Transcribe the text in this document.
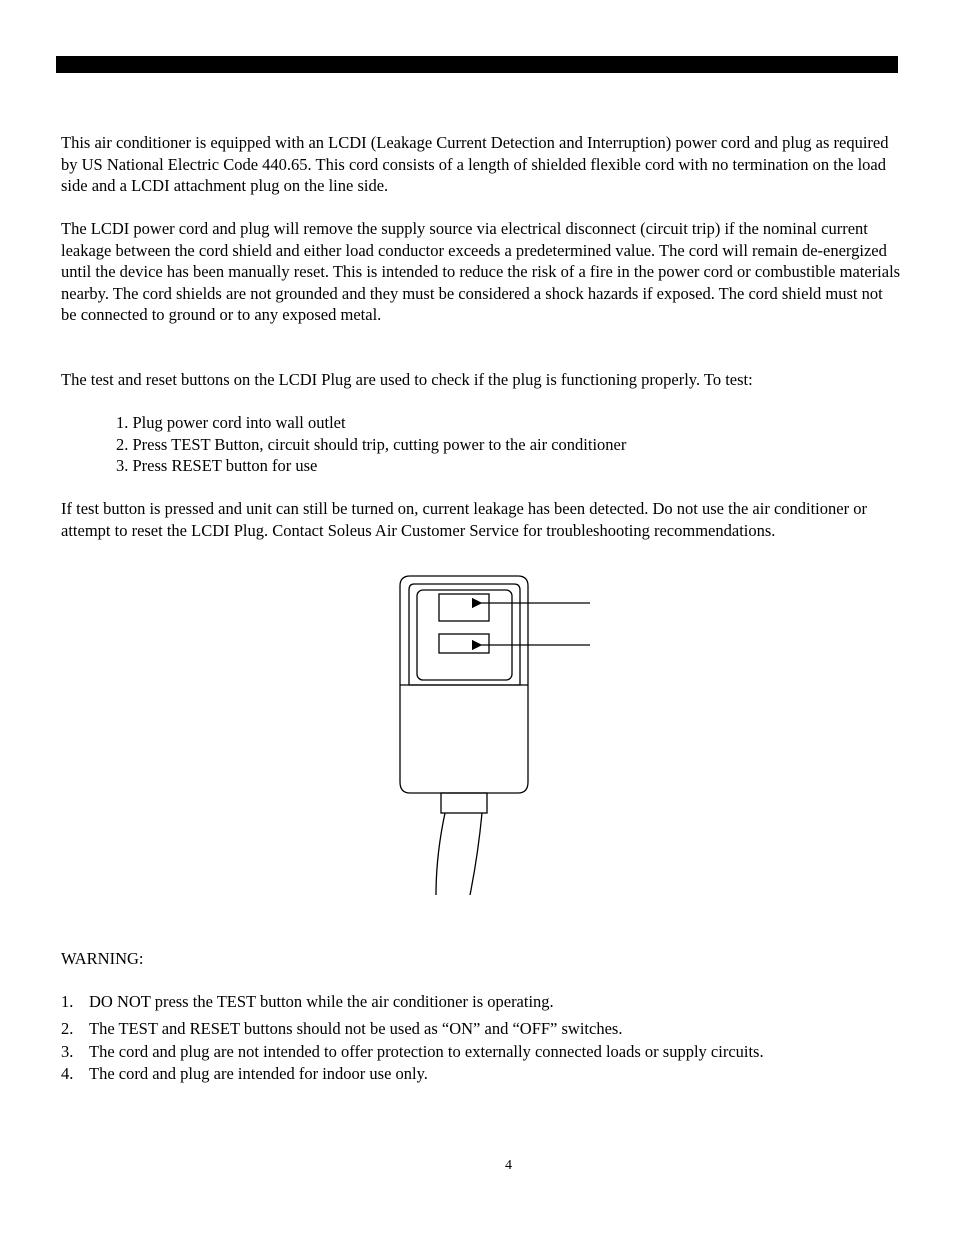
This air conditioner is equipped with an LCDI (Leakage Current Detection and Interruption) power cord and plug as required by US National Electric Code 440.65. This cord consists of a length of shielded flexible cord with no termination on the load side and a LCDI attachment plug on the line side.

The LCDI power cord and plug will remove the supply source via electrical disconnect (circuit trip) if the nominal current leakage between the cord shield and either load conductor exceeds a predetermined value. The cord will remain de-energized until the device has been manually reset. This is intended to reduce the risk of a fire in the power cord or combustible materials nearby. The cord shields are not grounded and they must be considered a shock hazards if exposed. The cord shield must not be connected to ground or to any exposed metal.

The test and reset buttons on the LCDI Plug are used to check if the plug is functioning properly. To test:

1. Plug power cord into wall outlet
2. Press TEST Button, circuit should trip, cutting power to the air conditioner
3. Press RESET button for use

If test button is pressed and unit can still be turned on, current leakage has been detected. Do not use the air conditioner or attempt to reset the LCDI Plug. Contact Soleus Air Customer Service for troubleshooting recommendations.

WARNING:

1. DO NOT press the TEST button while the air conditioner is operating.
2. The TEST and RESET buttons should not be used as “ON” and “OFF” switches.
3. The cord and plug are not intended to offer protection to externally connected loads or supply circuits.
4. The cord and plug are intended for indoor use only.
4
